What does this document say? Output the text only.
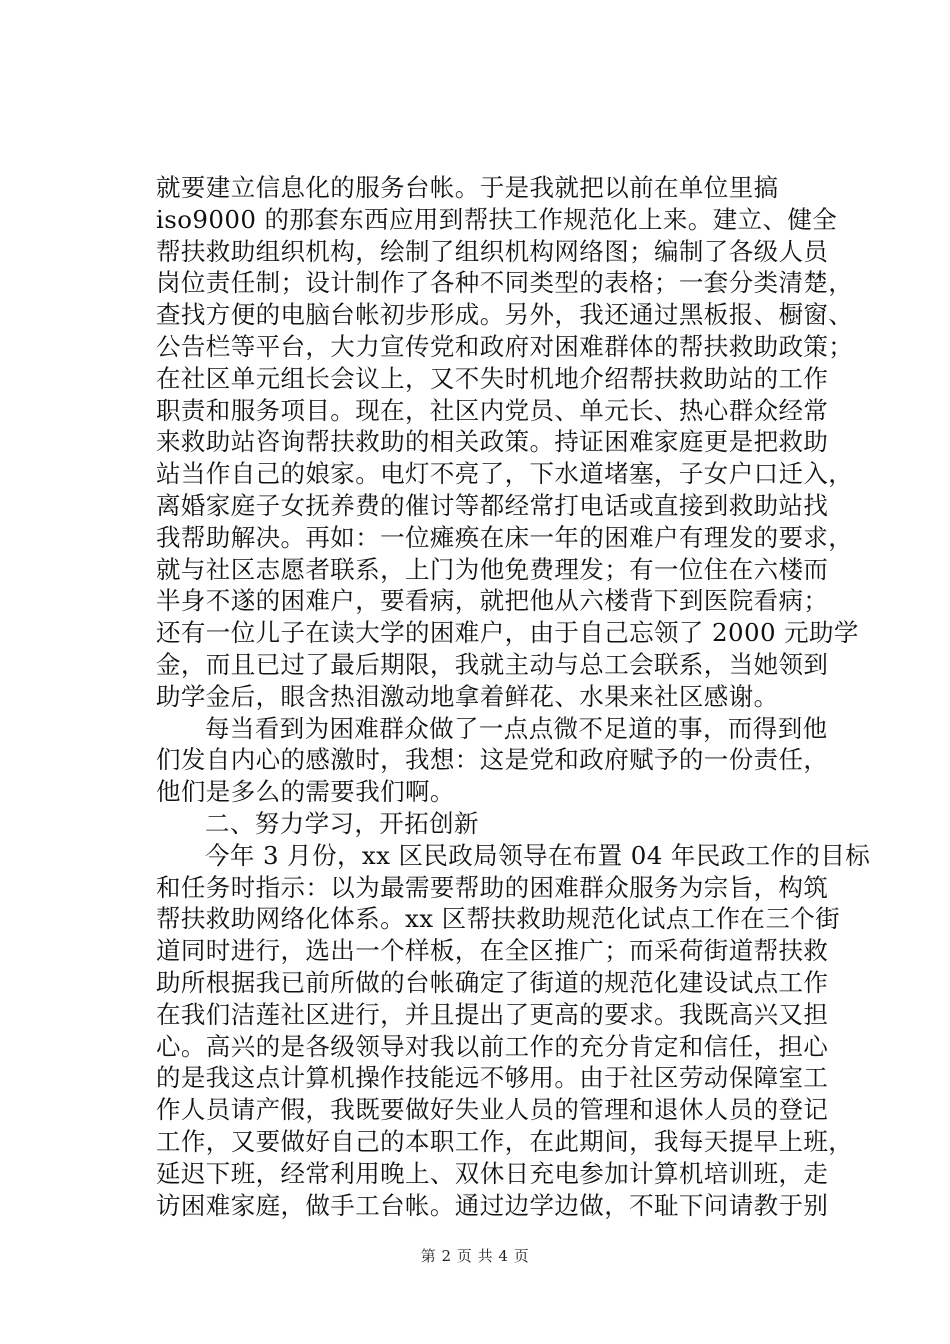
就要建立信息化的服务台帐。于是我就把以前在单位里搞
iso9000 的那套东西应用到帮扶工作规范化上来。建立、健全
帮扶救助组织机构，绘制了组织机构网络图；编制了各级人员
岗位责任制；设计制作了各种不同类型的表格；一套分类清楚，
查找方便的电脑台帐初步形成。另外，我还通过黑板报、橱窗、
公告栏等平台，大力宣传党和政府对困难群体的帮扶救助政策；
在社区单元组长会议上，又不失时机地介绍帮扶救助站的工作
职责和服务项目。现在，社区内党员、单元长、热心群众经常
来救助站咨询帮扶救助的相关政策。持证困难家庭更是把救助
站当作自己的娘家。电灯不亮了，下水道堵塞，子女户口迁入，
离婚家庭子女抚养费的催讨等都经常打电话或直接到救助站找
我帮助解决。再如：一位瘫痪在床一年的困难户有理发的要求，
就与社区志愿者联系，上门为他免费理发；有一位住在六楼而
半身不遂的困难户，要看病，就把他从六楼背下到医院看病；
还有一位儿子在读大学的困难户，由于自己忘领了 2000 元助学
金，而且已过了最后期限，我就主动与总工会联系，当她领到
助学金后，眼含热泪激动地拿着鲜花、水果来社区感谢。
每当看到为困难群众做了一点点微不足道的事，而得到他
们发自内心的感激时，我想：这是党和政府赋予的一份责任，
他们是多么的需要我们啊。
二、努力学习，开拓创新
今年 3 月份，xx 区民政局领导在布置 04 年民政工作的目标
和任务时指示：以为最需要帮助的困难群众服务为宗旨，构筑
帮扶救助网络化体系。xx 区帮扶救助规范化试点工作在三个街
道同时进行，选出一个样板，在全区推广；而采荷街道帮扶救
助所根据我已前所做的台帐确定了街道的规范化建设试点工作
在我们洁莲社区进行，并且提出了更高的要求。我既高兴又担
心。高兴的是各级领导对我以前工作的充分肯定和信任，担心
的是我这点计算机操作技能远不够用。由于社区劳动保障室工
作人员请产假，我既要做好失业人员的管理和退休人员的登记
工作，又要做好自己的本职工作，在此期间，我每天提早上班，
延迟下班，经常利用晚上、双休日充电参加计算机培训班，走
访困难家庭，做手工台帐。通过边学边做，不耻下问请教于别
第 2 页 共 4 页
